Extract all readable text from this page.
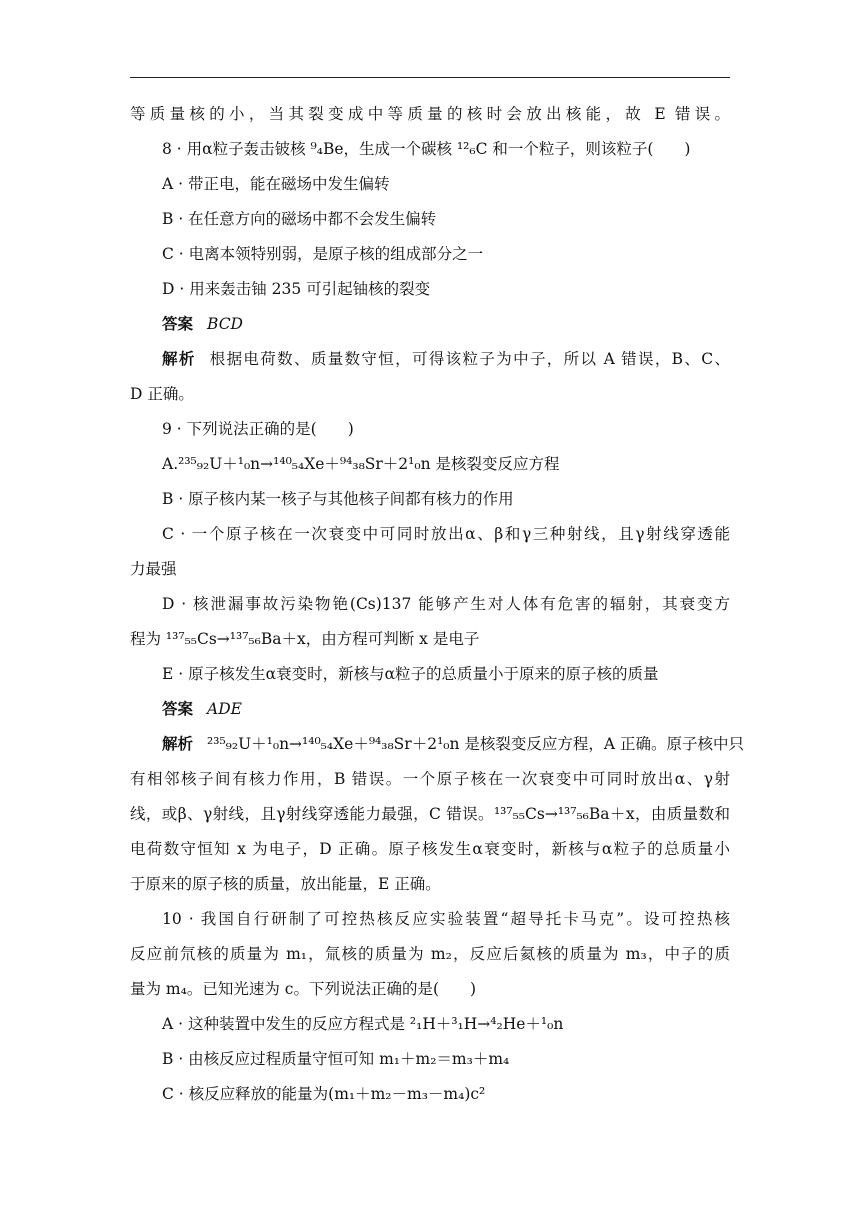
等质量核的小，当其裂变成中等质量的核时会放出核能，故 E 错误。
8 · 用α粒子轰击铍核 ⁹₄Be，生成一个碳核 ¹²₆C 和一个粒子，则该粒子(　　)
A · 带正电，能在磁场中发生偏转
B · 在任意方向的磁场中都不会发生偏转
C · 电离本领特别弱，是原子核的组成部分之一
D · 用来轰击铀 235 可引起铀核的裂变
答案 BCD
解析 根据电荷数、质量数守恒，可得该粒子为中子，所以 A 错误，B、C、
D 正确。
9 · 下列说法正确的是(　　)
A.²³⁵₉₂U＋¹₀n→¹⁴⁰₅₄Xe＋⁹⁴₃₈Sr＋2¹₀n 是核裂变反应方程
B · 原子核内某一核子与其他核子间都有核力的作用
C · 一个原子核在一次衰变中可同时放出α、β和γ三种射线，且γ射线穿透能
力最强
D · 核泄漏事故污染物铯(Cs)137 能够产生对人体有危害的辐射，其衰变方
程为 ¹³⁷₅₅Cs→¹³⁷₅₆Ba＋x，由方程可判断 x 是电子
E · 原子核发生α衰变时，新核与α粒子的总质量小于原来的原子核的质量
答案 ADE
解析 ²³⁵₉₂U＋¹₀n→¹⁴⁰₅₄Xe＋⁹⁴₃₈Sr＋2¹₀n 是核裂变反应方程，A 正确。原子核中只
有相邻核子间有核力作用，B 错误。一个原子核在一次衰变中可同时放出α、γ射
线，或β、γ射线，且γ射线穿透能力最强，C 错误。¹³⁷₅₅Cs→¹³⁷₅₆Ba＋x，由质量数和
电荷数守恒知 x 为电子，D 正确。原子核发生α衰变时，新核与α粒子的总质量小
于原来的原子核的质量，放出能量，E 正确。
10 · 我国自行研制了可控热核反应实验装置“超导托卡马克”。设可控热核
反应前氘核的质量为 m₁，氚核的质量为 m₂，反应后氦核的质量为 m₃，中子的质
量为 m₄。已知光速为 c。下列说法正确的是(　　)
A · 这种装置中发生的反应方程式是 ²₁H＋³₁H→⁴₂He＋¹₀n
B · 由核反应过程质量守恒可知 m₁＋m₂＝m₃＋m₄
C · 核反应释放的能量为(m₁＋m₂－m₃－m₄)c²
